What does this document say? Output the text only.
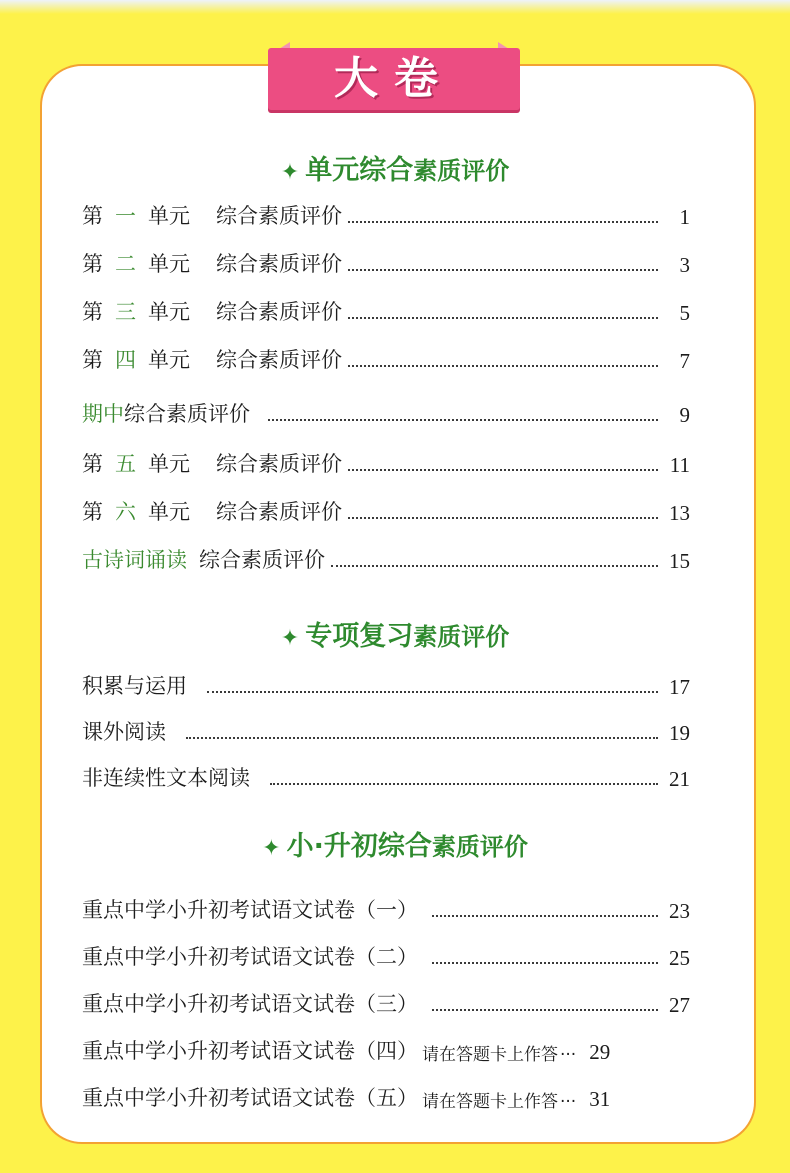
大卷
✦ 单元综合素质评价
第 一 单元 综合素质评价	1
第 二 单元 综合素质评价	3
第 三 单元 综合素质评价	5
第 四 单元 综合素质评价	7
期中综合素质评价	9
第 五 单元 综合素质评价	11
第 六 单元 综合素质评价	13
古诗词诵读 综合素质评价	15
✦ 专项复习素质评价
积累与运用	17
课外阅读	19
非连续性文本阅读	21
✦ 小·升初综合素质评价
重点中学小升初考试语文试卷（一）	23
重点中学小升初考试语文试卷（二）	25
重点中学小升初考试语文试卷（三）	27
重点中学小升初考试语文试卷（四） 请在答题卡上作答 ··· 29
重点中学小升初考试语文试卷（五） 请在答题卡上作答 ··· 31
